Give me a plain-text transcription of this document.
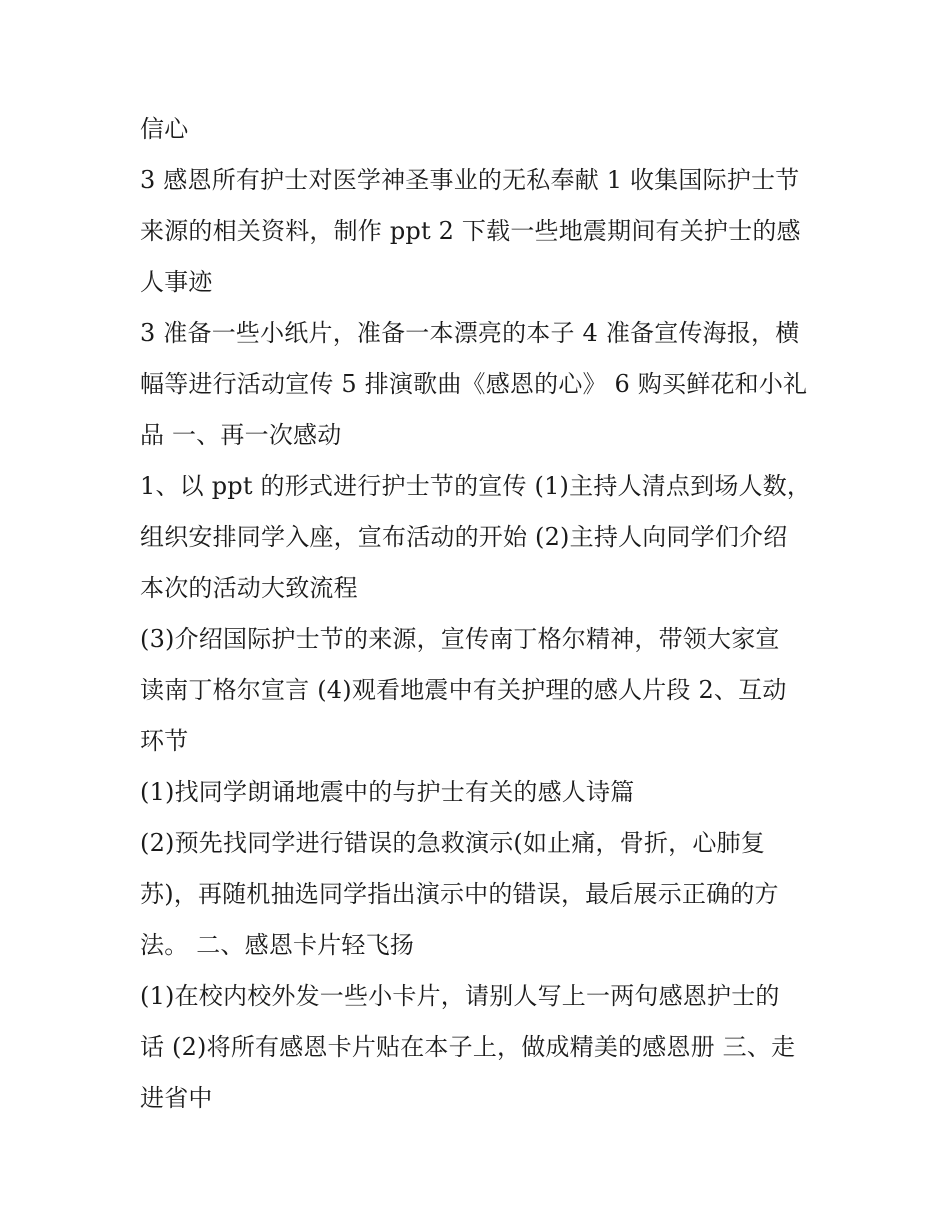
信心
3 感恩所有护士对医学神圣事业的无私奉献 1 收集国际护士节
来源的相关资料，制作 ppt 2 下载一些地震期间有关护士的感
人事迹
3 准备一些小纸片，准备一本漂亮的本子 4 准备宣传海报，横
幅等进行活动宣传 5 排演歌曲《感恩的心》 6 购买鲜花和小礼
品 一、再一次感动
1、以 ppt 的形式进行护士节的宣传 (1)主持人清点到场人数，
组织安排同学入座，宣布活动的开始 (2)主持人向同学们介绍
本次的活动大致流程
(3)介绍国际护士节的来源，宣传南丁格尔精神，带领大家宣
读南丁格尔宣言 (4)观看地震中有关护理的感人片段 2、互动
环节
(1)找同学朗诵地震中的与护士有关的感人诗篇
(2)预先找同学进行错误的急救演示(如止痛，骨折，心肺复
苏)，再随机抽选同学指出演示中的错误，最后展示正确的方
法。 二、感恩卡片轻飞扬
(1)在校内校外发一些小卡片，请别人写上一两句感恩护士的
话 (2)将所有感恩卡片贴在本子上，做成精美的感恩册 三、走
进省中
